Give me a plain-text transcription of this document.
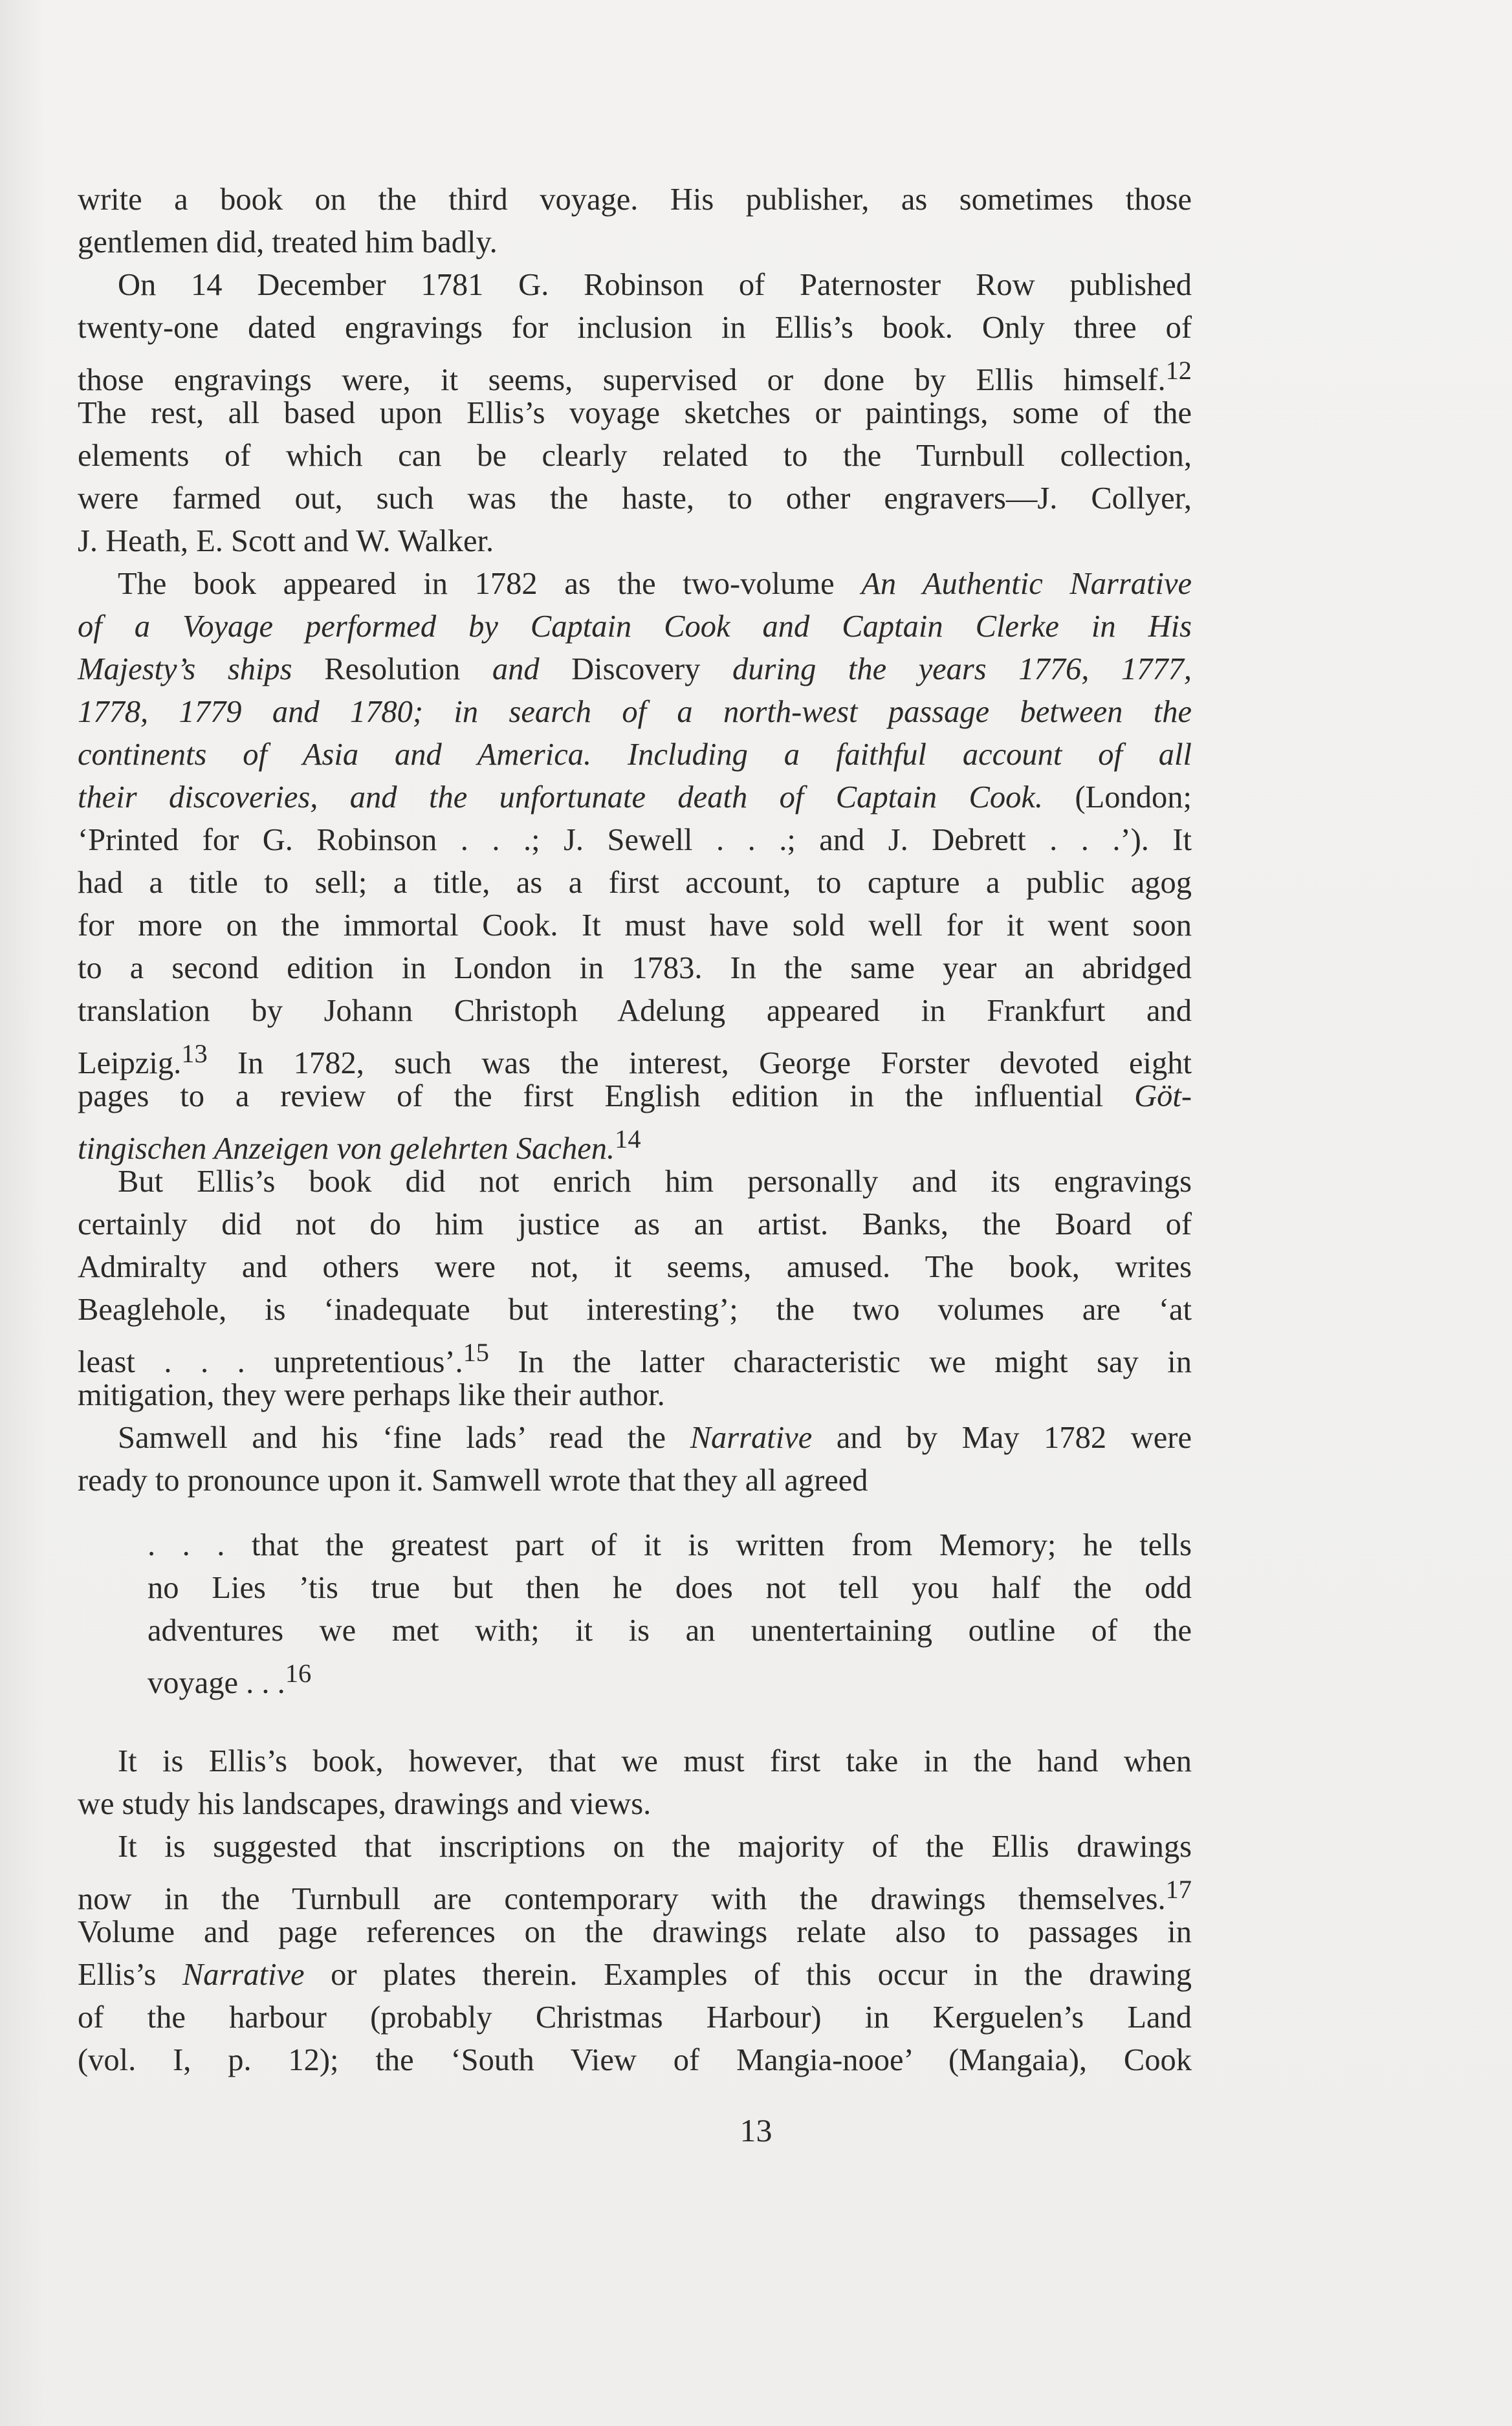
write a book on the third voyage. His publisher, as sometimes those
gentlemen did, treated him badly.
On 14 December 1781 G. Robinson of Paternoster Row published
twenty-one dated engravings for inclusion in Ellis’s book. Only three of
those engravings were, it seems, supervised or done by Ellis himself.$^{12}$
The rest, all based upon Ellis’s voyage sketches or paintings, some of the
elements of which can be clearly related to the Turnbull collection,
were farmed out, such was the haste, to other engravers—J. Collyer,
J. Heath, E. Scott and W. Walker.
The book appeared in 1782 as the two-volume An Authentic Narrative
of a Voyage performed by Captain Cook and Captain Clerke in His
Majesty’s ships Resolution and Discovery during the years 1776, 1777,
1778, 1779 and 1780; in search of a north-west passage between the
continents of Asia and America. Including a faithful account of all
their discoveries, and the unfortunate death of Captain Cook. (London;
‘Printed for G. Robinson . . .; J. Sewell . . .; and J. Debrett . . .’). It
had a title to sell; a title, as a first account, to capture a public agog
for more on the immortal Cook. It must have sold well for it went soon
to a second edition in London in 1783. In the same year an abridged
translation by Johann Christoph Adelung appeared in Frankfurt and
Leipzig.$^{13}$ In 1782, such was the interest, George Forster devoted eight
pages to a review of the first English edition in the influential Göt-
tingischen Anzeigen von gelehrten Sachen.$^{14}$
But Ellis’s book did not enrich him personally and its engravings
certainly did not do him justice as an artist. Banks, the Board of
Admiralty and others were not, it seems, amused. The book, writes
Beaglehole, is ‘inadequate but interesting’; the two volumes are ‘at
least . . . unpretentious’.$^{15}$ In the latter characteristic we might say in
mitigation, they were perhaps like their author.
Samwell and his ‘fine lads’ read the Narrative and by May 1782 were
ready to pronounce upon it. Samwell wrote that they all agreed
. . . that the greatest part of it is written from Memory; he tells
no Lies ’tis true but then he does not tell you half the odd
adventures we met with; it is an unentertaining outline of the
voyage . . .$^{16}$
It is Ellis’s book, however, that we must first take in the hand when
we study his landscapes, drawings and views.
It is suggested that inscriptions on the majority of the Ellis drawings
now in the Turnbull are contemporary with the drawings themselves.$^{17}$
Volume and page references on the drawings relate also to passages in
Ellis’s Narrative or plates therein. Examples of this occur in the drawing
of the harbour (probably Christmas Harbour) in Kerguelen’s Land
(vol. I, p. 12); the ‘South View of Mangia-nooe’ (Mangaia), Cook
13
